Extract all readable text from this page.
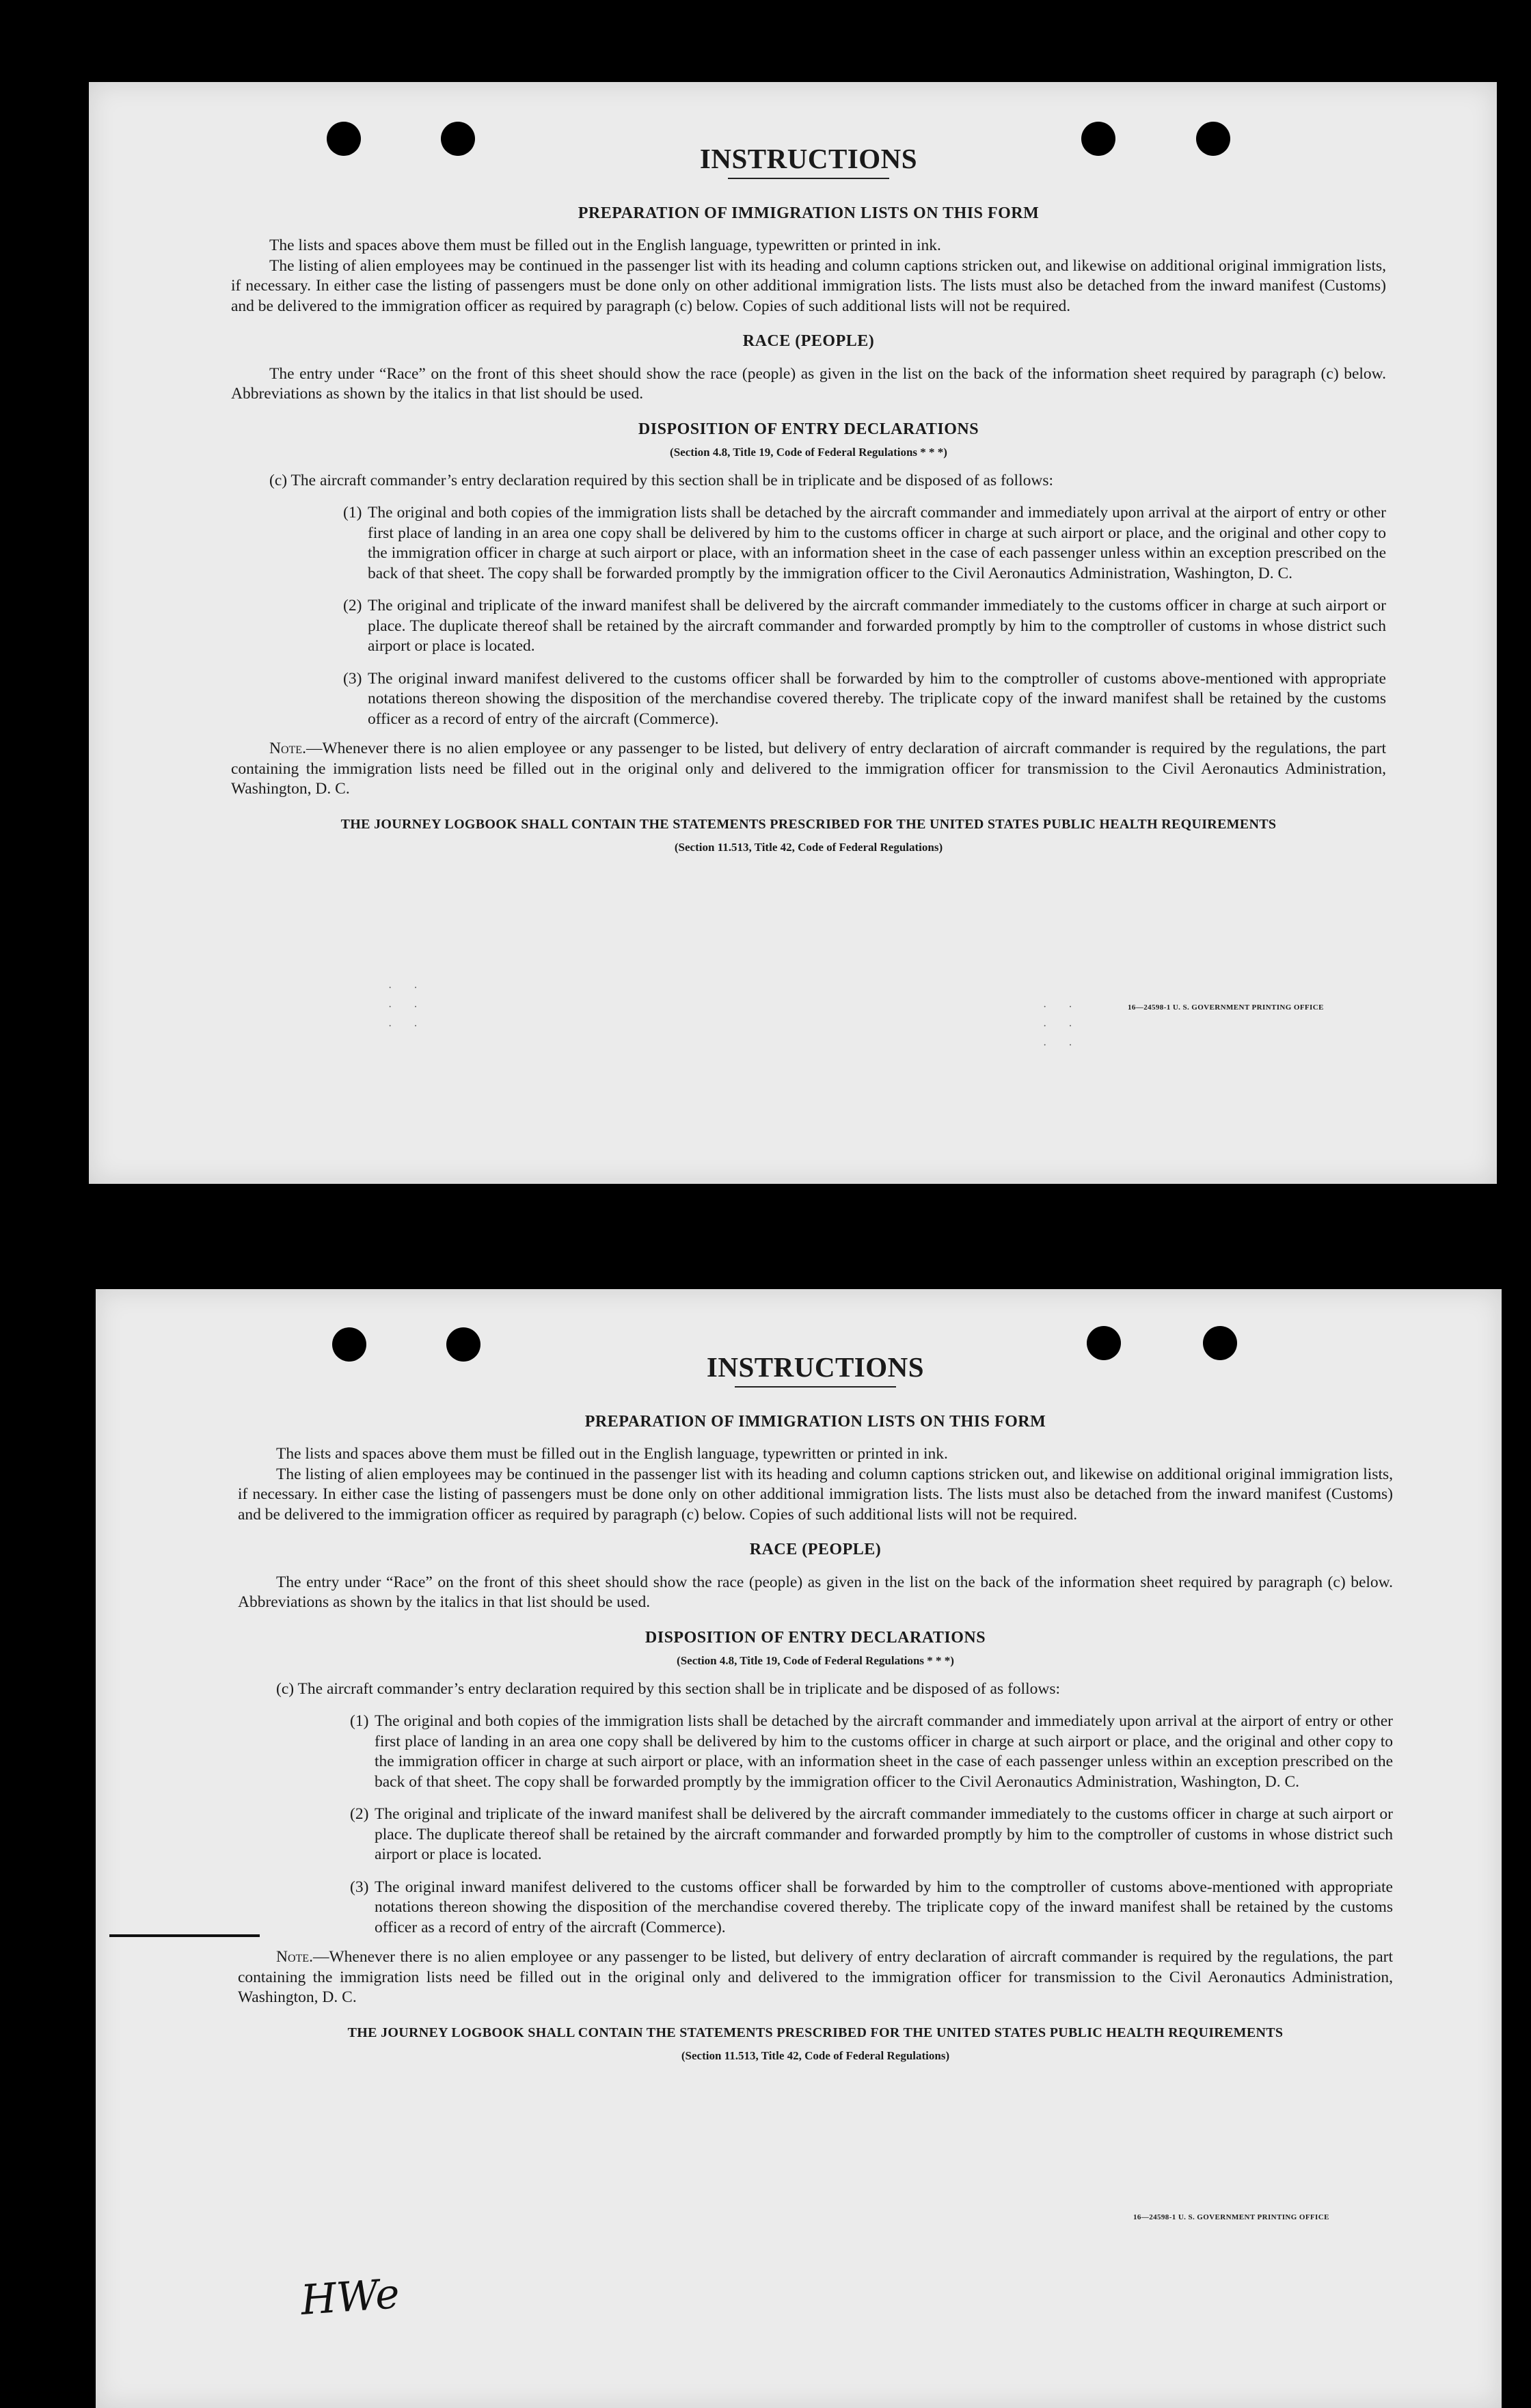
INSTRUCTIONS
PREPARATION OF IMMIGRATION LISTS ON THIS FORM

The lists and spaces above them must be filled out in the English language, typewritten or printed in ink.

The listing of alien employees may be continued in the passenger list with its heading and column captions stricken out, and likewise on additional original immigration lists, if necessary. In either case the listing of passengers must be done only on other additional immigration lists. The lists must also be detached from the inward manifest (Customs) and be delivered to the immigration officer as required by paragraph (c) below. Copies of such additional lists will not be required.

RACE (PEOPLE)

The entry under “Race” on the front of this sheet should show the race (people) as given in the list on the back of the information sheet required by paragraph (c) below. Abbreviations as shown by the italics in that list should be used.

DISPOSITION OF ENTRY DECLARATIONS

(Section 4.8, Title 19, Code of Federal Regulations * * *)

(c) The aircraft commander’s entry declaration required by this section shall be in triplicate and be disposed of as follows:

(1) The original and both copies of the immigration lists shall be detached by the aircraft commander and immediately upon arrival at the airport of entry or other first place of landing in an area one copy shall be delivered by him to the customs officer in charge at such airport or place, and the original and other copy to the immigration officer in charge at such airport or place, with an information sheet in the case of each passenger unless within an exception prescribed on the back of that sheet. The copy shall be forwarded promptly by the immigration officer to the Civil Aeronautics Administration, Washington, D. C.

(2) The original and triplicate of the inward manifest shall be delivered by the aircraft commander immediately to the customs officer in charge at such airport or place. The duplicate thereof shall be retained by the aircraft commander and forwarded promptly by him to the comptroller of customs in whose district such airport or place is located.

(3) The original inward manifest delivered to the customs officer shall be forwarded by him to the comptroller of customs above-mentioned with appropriate notations thereon showing the disposition of the merchandise covered thereby. The triplicate copy of the inward manifest shall be retained by the customs officer as a record of entry of the aircraft (Commerce).

Note.—Whenever there is no alien employee or any passenger to be listed, but delivery of entry declaration of aircraft commander is required by the regulations, the part containing the immigration lists need be filled out in the original only and delivered to the immigration officer for transmission to the Civil Aeronautics Administration, Washington, D. C.

THE JOURNEY LOGBOOK SHALL CONTAIN THE STATEMENTS PRESCRIBED FOR THE UNITED STATES PUBLIC HEALTH REQUIREMENTS

(Section 11.513, Title 42, Code of Federal Regulations)

16—24598-1 U. S. GOVERNMENT PRINTING OFFICE
· ·
· ·
· ·
· ·
· ·
· ·
INSTRUCTIONS
PREPARATION OF IMMIGRATION LISTS ON THIS FORM

The lists and spaces above them must be filled out in the English language, typewritten or printed in ink.

The listing of alien employees may be continued in the passenger list with its heading and column captions stricken out, and likewise on additional original immigration lists, if necessary. In either case the listing of passengers must be done only on other additional immigration lists. The lists must also be detached from the inward manifest (Customs) and be delivered to the immigration officer as required by paragraph (c) below. Copies of such additional lists will not be required.

RACE (PEOPLE)

The entry under “Race” on the front of this sheet should show the race (people) as given in the list on the back of the information sheet required by paragraph (c) below. Abbreviations as shown by the italics in that list should be used.

DISPOSITION OF ENTRY DECLARATIONS

(Section 4.8, Title 19, Code of Federal Regulations * * *)

(c) The aircraft commander’s entry declaration required by this section shall be in triplicate and be disposed of as follows:

(1) The original and both copies of the immigration lists shall be detached by the aircraft commander and immediately upon arrival at the airport of entry or other first place of landing in an area one copy shall be delivered by him to the customs officer in charge at such airport or place, and the original and other copy to the immigration officer in charge at such airport or place, with an information sheet in the case of each passenger unless within an exception prescribed on the back of that sheet. The copy shall be forwarded promptly by the immigration officer to the Civil Aeronautics Administration, Washington, D. C.

(2) The original and triplicate of the inward manifest shall be delivered by the aircraft commander immediately to the customs officer in charge at such airport or place. The duplicate thereof shall be retained by the aircraft commander and forwarded promptly by him to the comptroller of customs in whose district such airport or place is located.

(3) The original inward manifest delivered to the customs officer shall be forwarded by him to the comptroller of customs above-mentioned with appropriate notations thereon showing the disposition of the merchandise covered thereby. The triplicate copy of the inward manifest shall be retained by the customs officer as a record of entry of the aircraft (Commerce).

Note.—Whenever there is no alien employee or any passenger to be listed, but delivery of entry declaration of aircraft commander is required by the regulations, the part containing the immigration lists need be filled out in the original only and delivered to the immigration officer for transmission to the Civil Aeronautics Administration, Washington, D. C.

THE JOURNEY LOGBOOK SHALL CONTAIN THE STATEMENTS PRESCRIBED FOR THE UNITED STATES PUBLIC HEALTH REQUIREMENTS

(Section 11.513, Title 42, Code of Federal Regulations)

16—24598-1 U. S. GOVERNMENT PRINTING OFFICE
HWe
